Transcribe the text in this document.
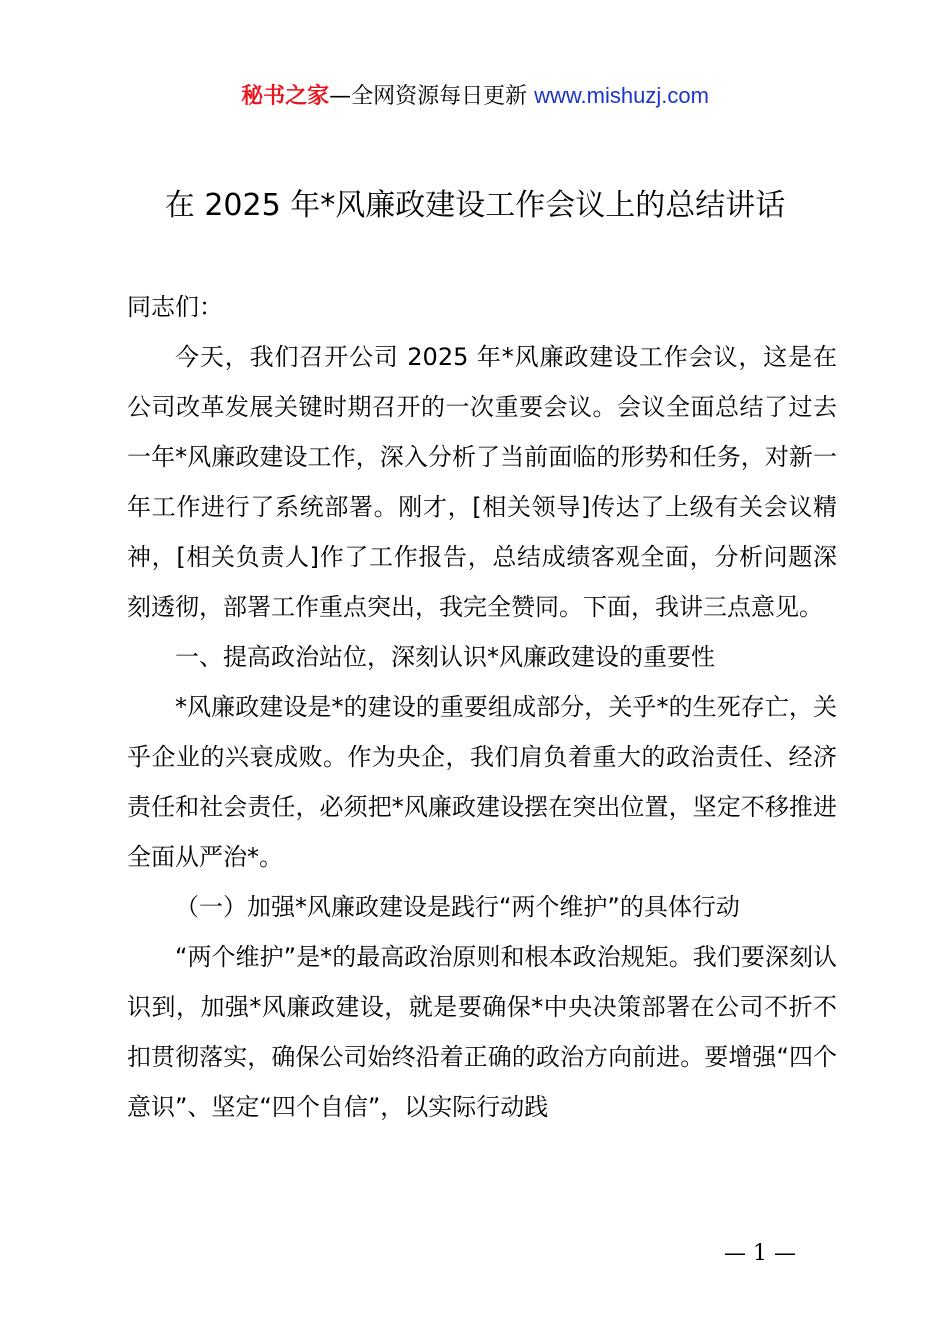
秘书之家—全网资源每日更新 www.mishuzj.com
在 2025 年*风廉政建设工作会议上的总结讲话

同志们：

今天，我们召开公司 2025 年*风廉政建设工作会议，这是在公司改革发展关键时期召开的一次重要会议。会议全面总结了过去一年*风廉政建设工作，深入分析了当前面临的形势和任务，对新一年工作进行了系统部署。刚才，[相关领导]传达了上级有关会议精神，[相关负责人]作了工作报告，总结成绩客观全面，分析问题深刻透彻，部署工作重点突出，我完全赞同。下面，我讲三点意见。

一、提高政治站位，深刻认识*风廉政建设的重要性

*风廉政建设是*的建设的重要组成部分，关乎*的生死存亡，关乎企业的兴衰成败。作为央企，我们肩负着重大的政治责任、经济责任和社会责任，必须把*风廉政建设摆在突出位置，坚定不移推进全面从严治*。

（一）加强*风廉政建设是践行“两个维护”的具体行动

“两个维护”是*的最高政治原则和根本政治规矩。我们要深刻认识到，加强*风廉政建设，就是要确保*中央决策部署在公司不折不扣贯彻落实，确保公司始终沿着正确的政治方向前进。要增强“四个意识”、坚定“四个自信”，以实际行动践

— 1 —
